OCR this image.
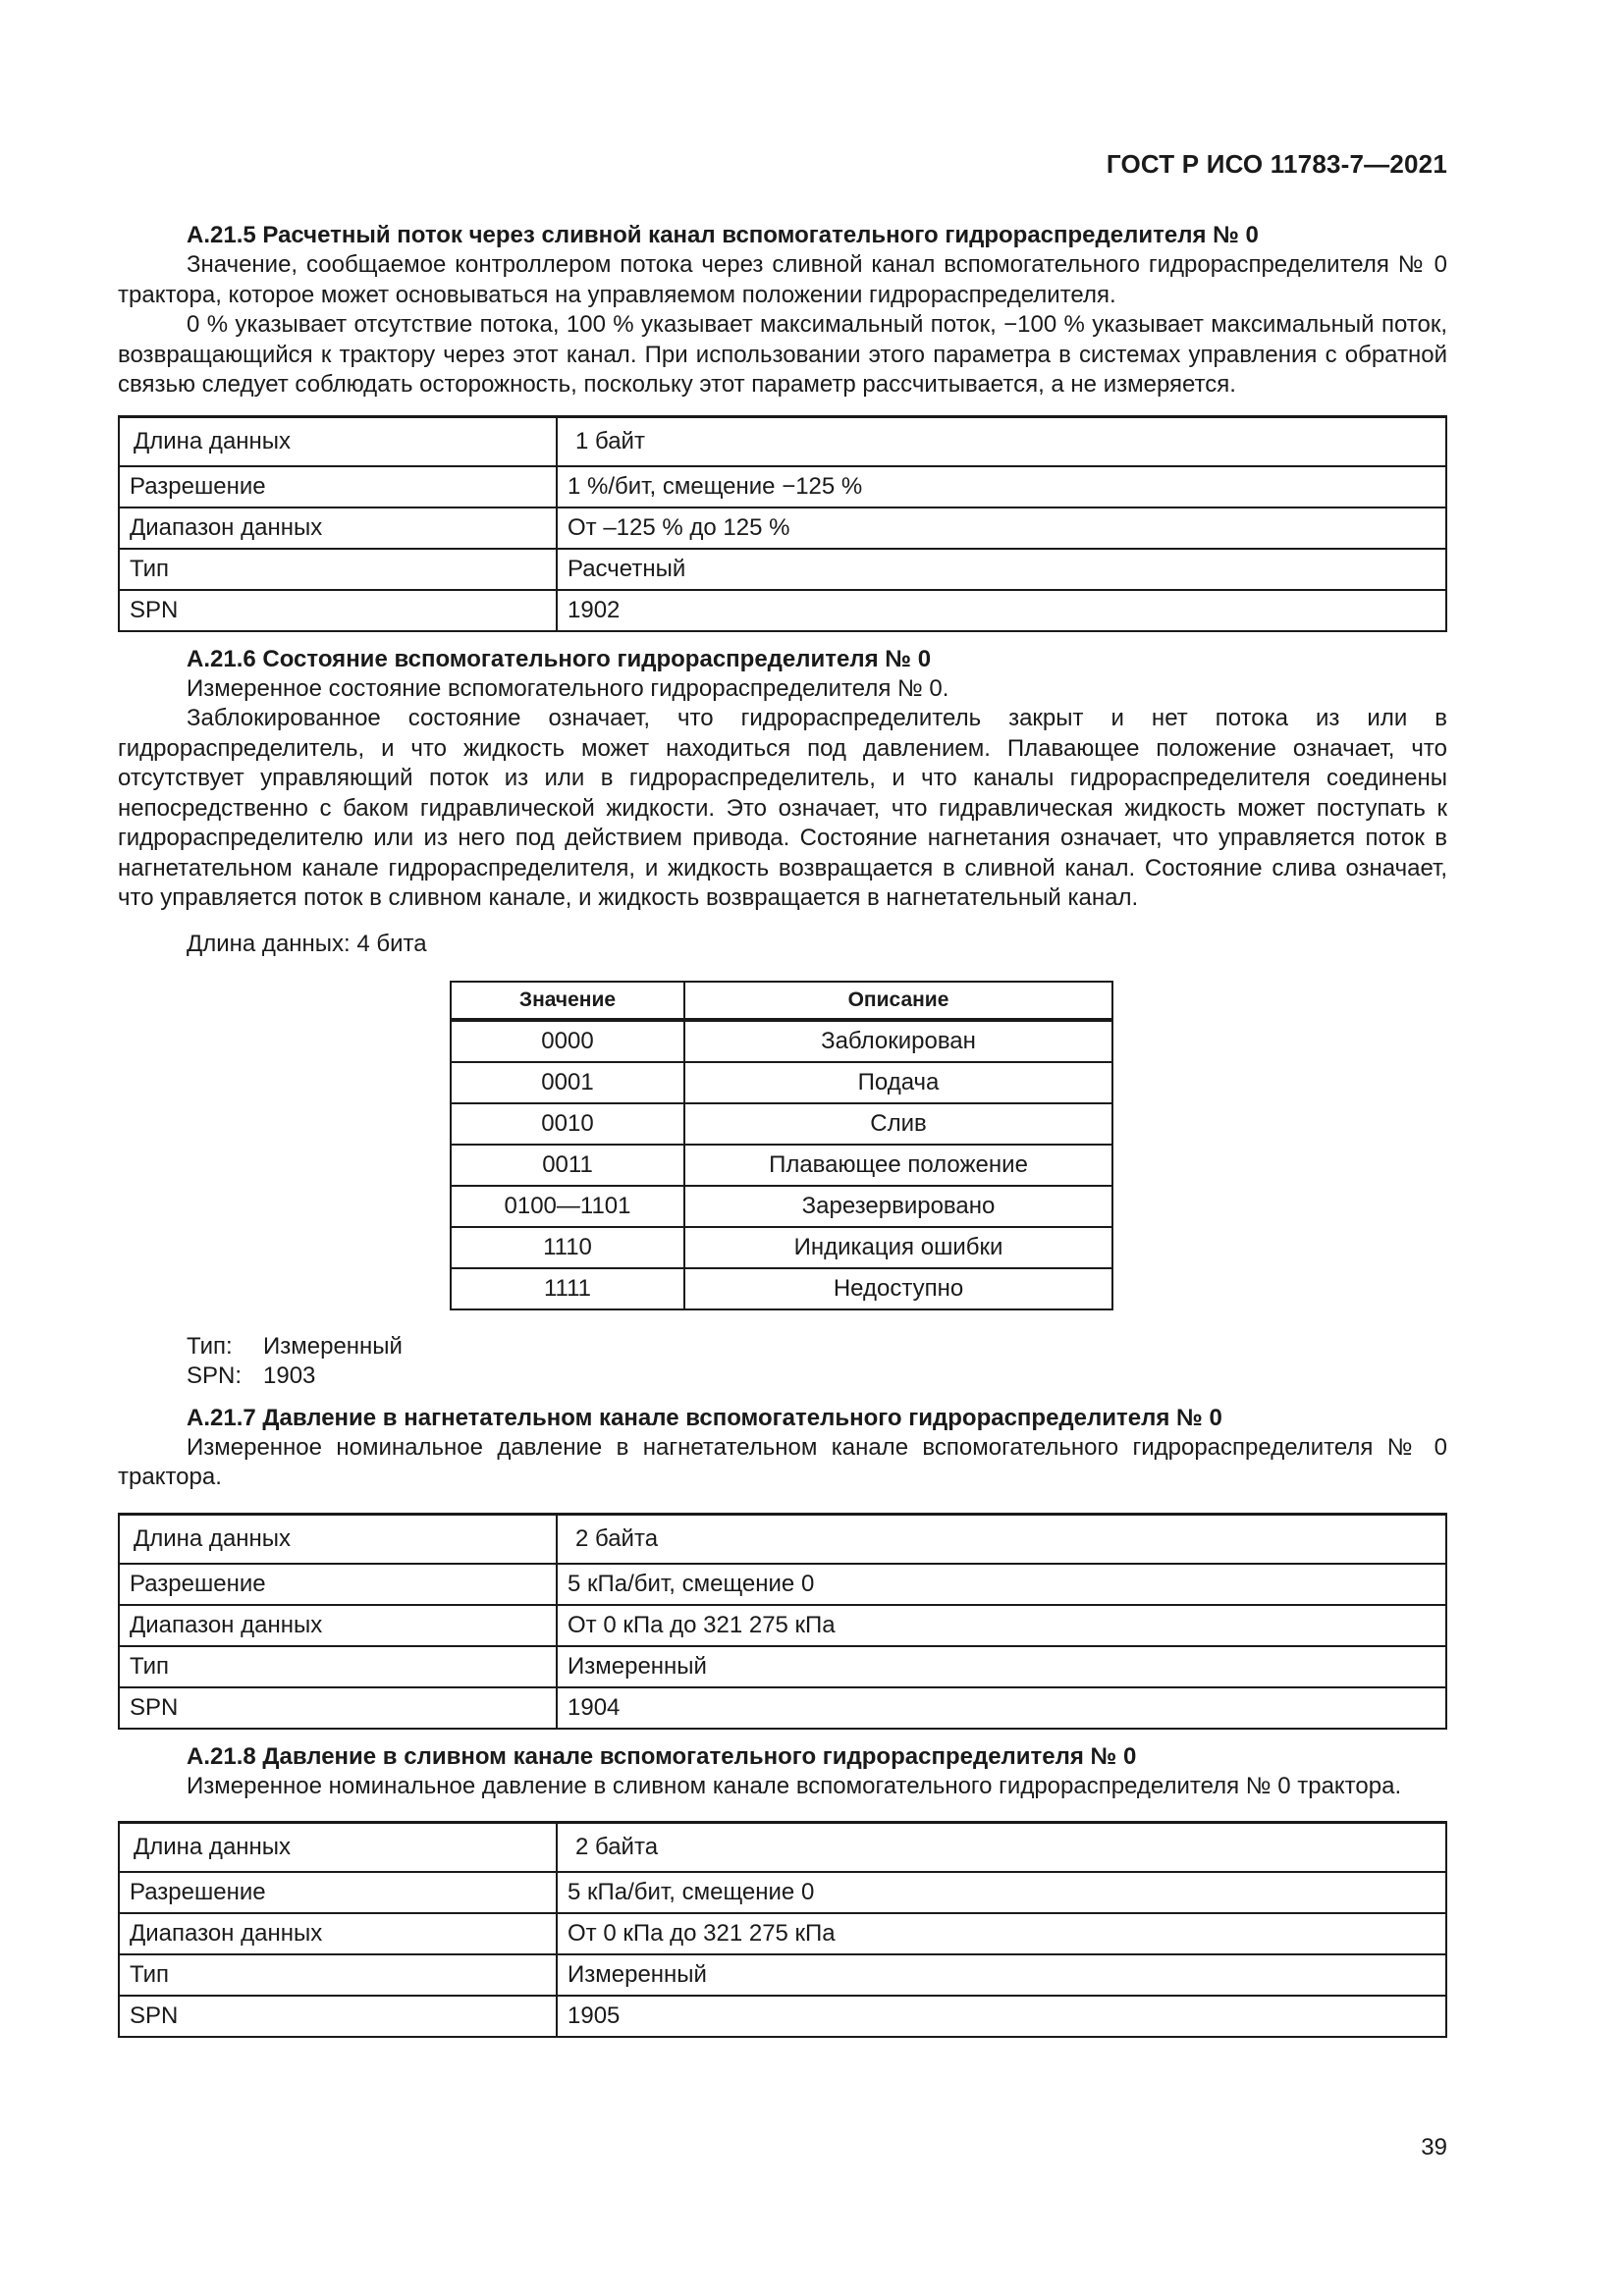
ГОСТ Р ИСО 11783-7—2021

А.21.5 Расчетный поток через сливной канал вспомогательного гидрораспределителя № 0

Значение, сообщаемое контроллером потока через сливной канал вспомогательного гидрораспределителя № 0 трактора, которое может основываться на управляемом положении гидрораспределителя.

0 % указывает отсутствие потока, 100 % указывает максимальный поток, −100 % указывает максимальный поток, возвращающийся к трактору через этот канал. При использовании этого параметра в системах управления с обратной связью следует соблюдать осторожность, поскольку этот параметр рассчитывается, а не измеряется.

Длина данных	1 байт
Разрешение	1 %/бит, смещение −125 %
Диапазон данных	От –125 % до 125 %
Тип	Расчетный
SPN	1902

А.21.6 Состояние вспомогательного гидрораспределителя № 0

Измеренное состояние вспомогательного гидрораспределителя № 0.

Заблокированное состояние означает, что гидрораспределитель закрыт и нет потока из или в гидрораспределитель, и что жидкость может находиться под давлением. Плавающее положение означает, что отсутствует управляющий поток из или в гидрораспределитель, и что каналы гидрораспределителя соединены непосредственно с баком гидравлической жидкости. Это означает, что гидравлическая жидкость может поступать к гидрораспределителю или из него под действием привода. Состояние нагнетания означает, что управляется поток в нагнетательном канале гидрораспределителя, и жидкость возвращается в сливной канал. Состояние слива означает, что управляется поток в сливном канале, и жидкость возвращается в нагнетательный канал.

Длина данных: 4 бита

Значение	Описание
0000	Заблокирован
0001	Подача
0010	Слив
0011	Плавающее положение
0100—1101	Зарезервировано
1110	Индикация ошибки
1111	Недоступно
Тип: Измеренный
SPN: 1903

А.21.7 Давление в нагнетательном канале вспомогательного гидрораспределителя № 0

Измеренное номинальное давление в нагнетательном канале вспомогательного гидрораспределителя № 0 трактора.

Длина данных	2 байта
Разрешение	5 кПа/бит, смещение 0
Диапазон данных	От 0 кПа до 321 275 кПа
Тип	Измеренный
SPN	1904

А.21.8 Давление в сливном канале вспомогательного гидрораспределителя № 0

Измеренное номинальное давление в сливном канале вспомогательного гидрораспределителя № 0 трактора.

Длина данных	2 байта
Разрешение	5 кПа/бит, смещение 0
Диапазон данных	От 0 кПа до 321 275 кПа
Тип	Измеренный
SPN	1905
39
